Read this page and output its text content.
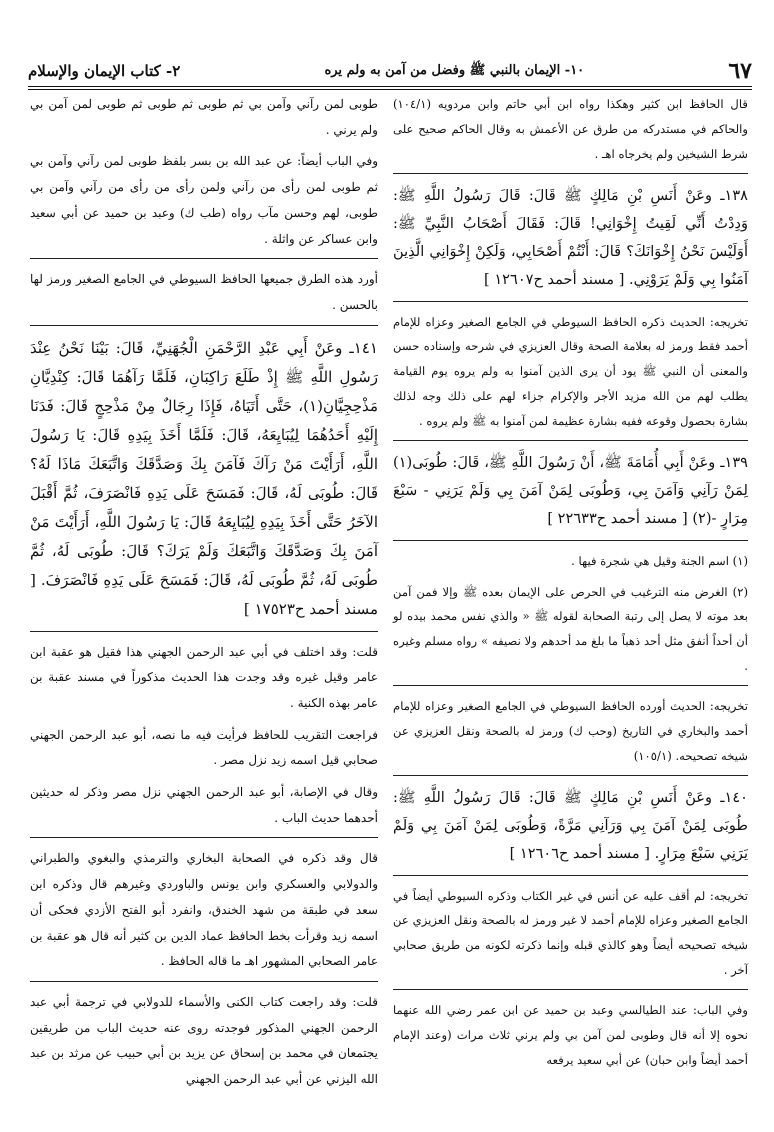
٦٧
١٠- الإيمان بالنبي ﷺ وفضل من آمن به ولم يره
٢- كتاب الإيمان والإسلام

قال الحافظ ابن كثير وهكذا رواه ابن أبي حاتم وابن مردويه (١٠٤/١) والحاكم في مستدركه من طرق عن الأعمش به وقال الحاكم صحيح على شرط الشيخين ولم يخرجاه اهـ .

١٣٨ـ وعَنْ أَنَسِ بْنِ مَالِكٍ ﷺ قَالَ: قَالَ رَسُولُ اللَّهِ ﷺ: وَدِدْتُ أَنِّي لَقِيتُ إِخْوَانِي! قَالَ: فَقَالَ أَصْحَابُ النَّبِيِّ ﷺ: أَوَلَيْسَ نَحْنُ إِخْوَانَكَ؟ قَالَ: أَنْتُمْ أَصْحَابِي، وَلَكِنْ إِخْوَانِي الَّذِينَ آمَنُوا بِي وَلَمْ يَرَوْنِي. [ مسند أحمد ح١٢٦٠٧ ]

تخريجه: الحديث ذكره الحافظ السيوطي في الجامع الصغير وعزاه للإمام أحمد فقط ورمز له بعلامة الصحة وقال العزيزي في شرحه وإسناده حسن والمعنى أن النبي ﷺ يود أن يرى الذين آمنوا به ولم يروه يوم القيامة يطلب لهم من الله مزيد الأجر والإكرام جزاء لهم على ذلك وجه لذلك بشارة بحصول وقوعه ففيه بشارة عظيمة لمن آمنوا به ﷺ ولم يروه .

١٣٩ـ وعَنْ أَبِي أُمَامَةَ ﷺ، أَنْ رَسُولَ اللَّهِ ﷺ، قَالَ: طُوبَى(١) لِمَنْ رَآنِي وَآمَنَ بِي، وَطُوبَى لِمَنْ آمَنَ بِي وَلَمْ يَرَنِي - سَبْعَ مِرَارٍ -(٢) [ مسند أحمد ح٢٢٦٣٣ ]

(١) اسم الجنة وقيل هي شجرة فيها .

(٢) الغرض منه الترغيب في الحرص على الإيمان بعده ﷺ وإلا فمن آمن بعد موته لا يصل إلى رتبة الصحابة لقوله ﷺ « والذي نفس محمد بيده لو أن أحداً أنفق مثل أحد ذهباً ما بلغ مد أحدهم ولا نصيفه » رواه مسلم وغيره .

تخريجه: الحديث أورده الحافظ السيوطي في الجامع الصغير وعزاه للإمام أحمد والبخاري في التاريخ (وحب ك) ورمز له بالصحة ونقل العزيزي عن شيخه تصحيحه. (١٠٥/١)

١٤٠ـ وعَنْ أَنَسِ بْنِ مَالِكٍ ﷺ قَالَ: قَالَ رَسُولُ اللَّهِ ﷺ: طُوبَى لِمَنْ آمَنَ بِي وَرَآنِي مَرَّةً، وَطُوبَى لِمَنْ آمَنَ بِي وَلَمْ يَرَنِي سَبْعَ مِرَارٍ. [ مسند أحمد ح١٢٦٠٦ ]

تخريجه: لم أقف عليه عن أنس في غير الكتاب وذكره السيوطي أيضاً في الجامع الصغير وعزاه للإمام أحمد لا غير ورمز له بالصحة ونقل العزيزي عن شيخه تصحيحه أيضاً وهو كالذي قبله وإنما ذكرته لكونه من طريق صحابي آخر .

وفي الباب: عند الطيالسي وعبد بن حميد عن ابن عمر رضي الله عنهما نحوه إلا أنه قال وطوبى لمن آمن بي ولم يرني ثلاث مرات (وعند الإمام أحمد أيضاً وابن حبان) عن أبي سعيد يرفعه

طوبى لمن رآني وآمن بي ثم طوبى ثم طوبى ثم طوبى لمن آمن بي ولم يرني .

وفي الباب أيضاً: عن عبد الله بن بسر بلفظ طوبى لمن رآني وآمن بي ثم طوبى لمن رأى من رآني ولمن رأى من رأى من رآني وآمن بي طوبى، لهم وحسن مآب رواه (طب ك) وعبد بن حميد عن أبي سعيد وابن عساكر عن واثلة .

أورد هذه الطرق جميعها الحافظ السيوطي في الجامع الصغير ورمز لها بالحسن .

١٤١ـ وعَنْ أَبِي عَبْدِ الرَّحْمَنِ الْجُهَنِيِّ، قَالَ: بَيْنَا نَحْنُ عِنْدَ رَسُولِ اللَّهِ ﷺ إِذْ طَلَعَ رَاكِبَانِ، فَلَمَّا رَآهُمَا قَالَ: كِنْدِيَّانِ مَذْحِجِيَّانِ(١)، حَتَّى أَتَيَاهُ، فَإِذَا رِجَالٌ مِنْ مَذْحِجٍ قَالَ: فَدَنَا إِلَيْهِ أَحَدُهُمَا لِيُبَايِعَهُ، قَالَ: فَلَمَّا أَخَذَ بِيَدِهِ قَالَ: يَا رَسُولَ اللَّهِ، أَرَأَيْتَ مَنْ رَآكَ فَآمَنَ بِكَ وَصَدَّقَكَ وَاتَّبَعَكَ مَاذَا لَهُ؟ قَالَ: طُوبَى لَهُ، قَالَ: فَمَسَحَ عَلَى يَدِهِ فَانْصَرَفَ، ثُمَّ أَقْبَلَ الآخَرُ حَتَّى أَخَذَ بِيَدِهِ لِيُبَايِعَهُ قَالَ: يَا رَسُولَ اللَّهِ، أَرَأَيْتَ مَنْ آمَنَ بِكَ وَصَدَّقَكَ وَاتَّبَعَكَ وَلَمْ يَرَكَ؟ قَالَ: طُوبَى لَهُ، ثُمَّ طُوبَى لَهُ، ثُمَّ طُوبَى لَهُ، قَالَ: فَمَسَحَ عَلَى يَدِهِ فَانْصَرَفَ. [ مسند أحمد ح١٧٥٢٣ ]

قلت: وقد اختلف في أبي عبد الرحمن الجهني هذا فقيل هو عقبة ابن عامر وقيل غيره وقد وجدت هذا الحديث مذكوراً في مسند عقبة بن عامر بهذه الكنية .

فراجعت التقريب للحافظ فرأيت فيه ما نصه، أبو عبد الرحمن الجهني صحابي قيل اسمه زيد نزل مصر .

وقال في الإصابة، أبو عبد الرحمن الجهني نزل مصر وذكر له حديثين أحدهما حديث الباب .

قال وقد ذكره في الصحابة البخاري والترمذي والبغوي والطبراني والدولابي والعسكري وابن يونس والباوردي وغيرهم قال وذكره ابن سعد في طبقة من شهد الخندق، وانفرد أبو الفتح الأزدي فحكى أن اسمه زيد وقرأت بخط الحافظ عماد الدين بن كثير أنه قال هو عقبة بن عامر الصحابي المشهور اهـ ما قاله الحافظ .

قلت: وقد راجعت كتاب الكنى والأسماء للدولابي في ترجمة أبي عبد الرحمن الجهني المذكور فوجدته روى عنه حديث الباب من طريقين يجتمعان في محمد بن إسحاق عن يزيد بن أبي حبيب عن مرثد بن عبد الله اليزني عن أبي عبد الرحمن الجهني
